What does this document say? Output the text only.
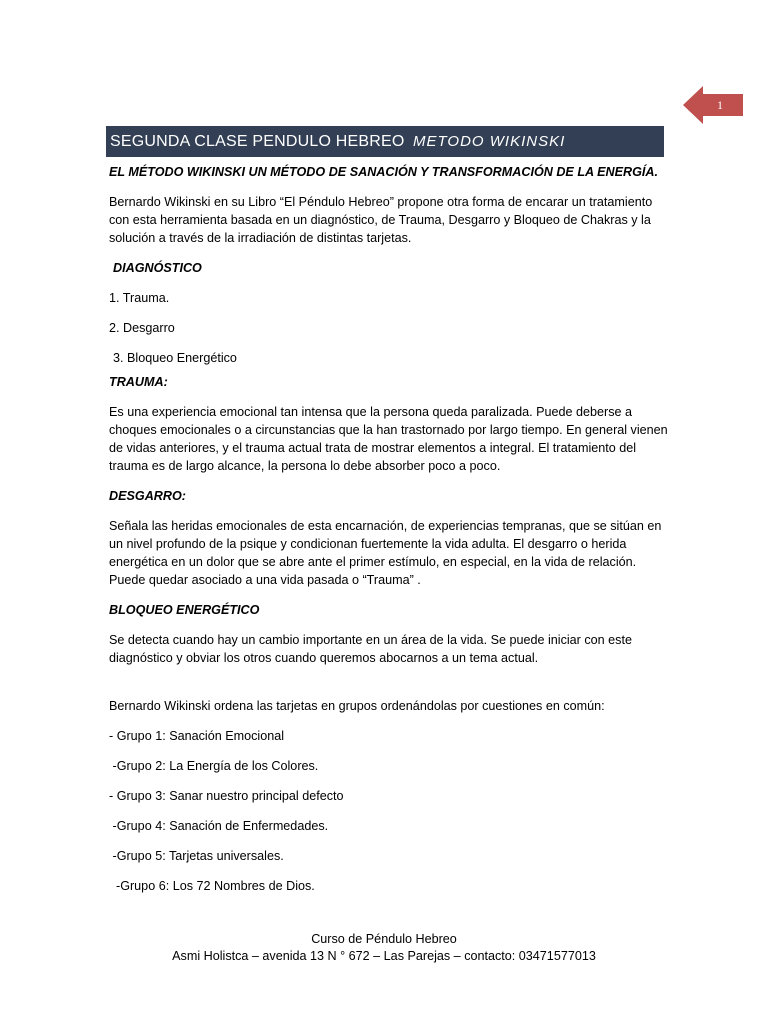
1
SEGUNDA CLASE PENDULO HEBREO METODO WIKINSKI

EL MÉTODO WIKINSKI UN MÉTODO DE SANACIÓN Y TRANSFORMACIÓN DE LA ENERGÍA.

Bernardo Wikinski en su Libro “El Péndulo Hebreo” propone otra forma de encarar un tratamiento con esta herramienta basada en un diagnóstico, de Trauma, Desgarro y Bloqueo de Chakras y la solución a través de la irradiación de distintas tarjetas.

DIAGNÓSTICO

1. Trauma.

2. Desgarro

3. Bloqueo Energético

TRAUMA:

Es una experiencia emocional tan intensa que la persona queda paralizada. Puede deberse a choques emocionales o a circunstancias que la han trastornado por largo tiempo. En general vienen de vidas anteriores, y el trauma actual trata de mostrar elementos a integral. El tratamiento del trauma es de largo alcance, la persona lo debe absorber poco a poco.

DESGARRO:

Señala las heridas emocionales de esta encarnación, de experiencias tempranas, que se sitúan en un nivel profundo de la psique y condicionan fuertemente la vida adulta. El desgarro o herida energética en un dolor que se abre ante el primer estímulo, en especial, en la vida de relación. Puede quedar asociado a una vida pasada o “Trauma” .

BLOQUEO ENERGÉTICO

Se detecta cuando hay un cambio importante en un área de la vida. Se puede iniciar con este diagnóstico y obviar los otros cuando queremos abocarnos a un tema actual.

Bernardo Wikinski ordena las tarjetas en grupos ordenándolas por cuestiones en común:

- Grupo 1: Sanación Emocional

-Grupo 2: La Energía de los Colores.

- Grupo 3: Sanar nuestro principal defecto

-Grupo 4: Sanación de Enfermedades.

-Grupo 5: Tarjetas universales.

-Grupo 6: Los 72 Nombres de Dios.

Curso de Péndulo Hebreo
Asmi Holistca – avenida 13 N ° 672 – Las Parejas – contacto: 03471577013
